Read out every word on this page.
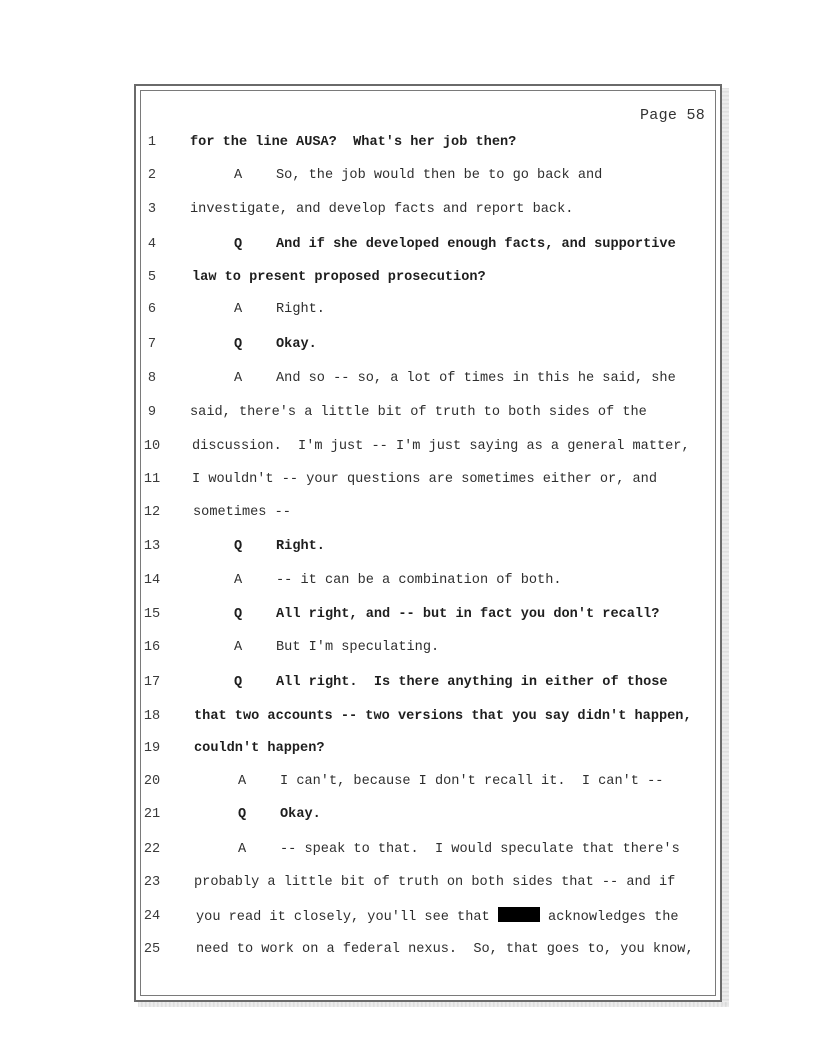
Page 58
1	for the line AUSA?  What's her job then?
2	A So, the job would then be to go back and
3	investigate, and develop facts and report back.
4	Q And if she developed enough facts, and supportive
5	law to present proposed prosecution?
6	A Right.
7	Q Okay.
8	A And so -- so, a lot of times in this he said, she
9	said, there's a little bit of truth to both sides of the
10	discussion.  I'm just -- I'm just saying as a general matter,
11	I wouldn't -- your questions are sometimes either or, and
12	sometimes --
13	Q Right.
14	A -- it can be a combination of both.
15	Q All right, and -- but in fact you don't recall?
16	A But I'm speculating.
17	Q All right.  Is there anything in either of those
18	that two accounts -- two versions that you say didn't happen,
19	couldn't happen?
20	A I can't, because I don't recall it.  I can't --
21	Q Okay.
22	A -- speak to that.  I would speculate that there's
23	probably a little bit of truth on both sides that -- and if
24	you read it closely, you'll see that	acknowledges the
25	need to work on a federal nexus.  So, that goes to, you know,
